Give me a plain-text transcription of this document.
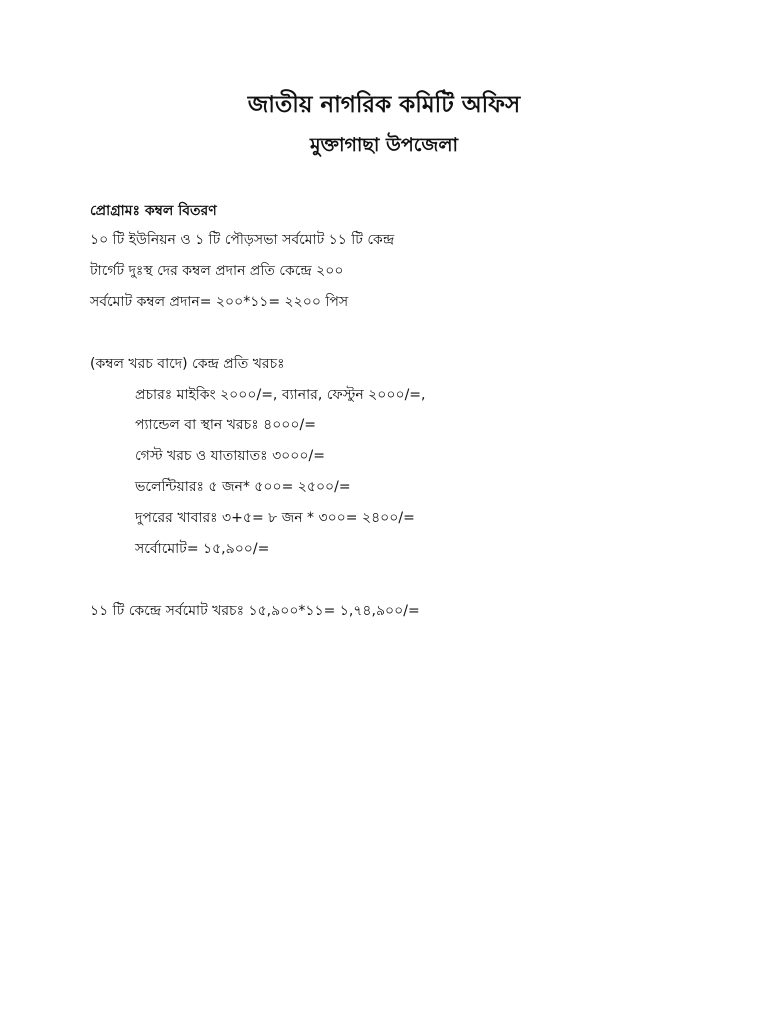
জাতীয় নাগরিক কমিটি অফিস
মুক্তাগাছা উপজেলা
প্রোগ্রামঃ কম্বল বিতরণ
১০ টি ইউনিয়ন ও ১ টি পৌড়সভা সর্বমোট ১১ টি কেন্দ্র
টার্গেট দুঃস্থ দের কম্বল প্রদান প্রতি কেন্দ্রে ২০০
সর্বমোট কম্বল প্রদান= ২০০*১১= ২২০০ পিস
(কম্বল খরচ বাদে) কেন্দ্র প্রতি খরচঃ
প্রচারঃ মাইকিং ২০০০/=, ব্যানার, ফেস্টুন ২০০০/=,
প্যান্ডেল বা স্থান খরচঃ ৪০০০/=
গেস্ট খরচ ও যাতায়াতঃ ৩০০০/=
ভলেন্টিয়ারঃ ৫ জন* ৫০০= ২৫০০/=
দুপরের খাবারঃ ৩+৫= ৮ জন * ৩০০= ২৪০০/=
সর্বোমোট= ১৫,৯০০/=
১১ টি কেন্দ্রে সর্বমোট খরচঃ ১৫,৯০০*১১= ১,৭৪,৯০০/=
